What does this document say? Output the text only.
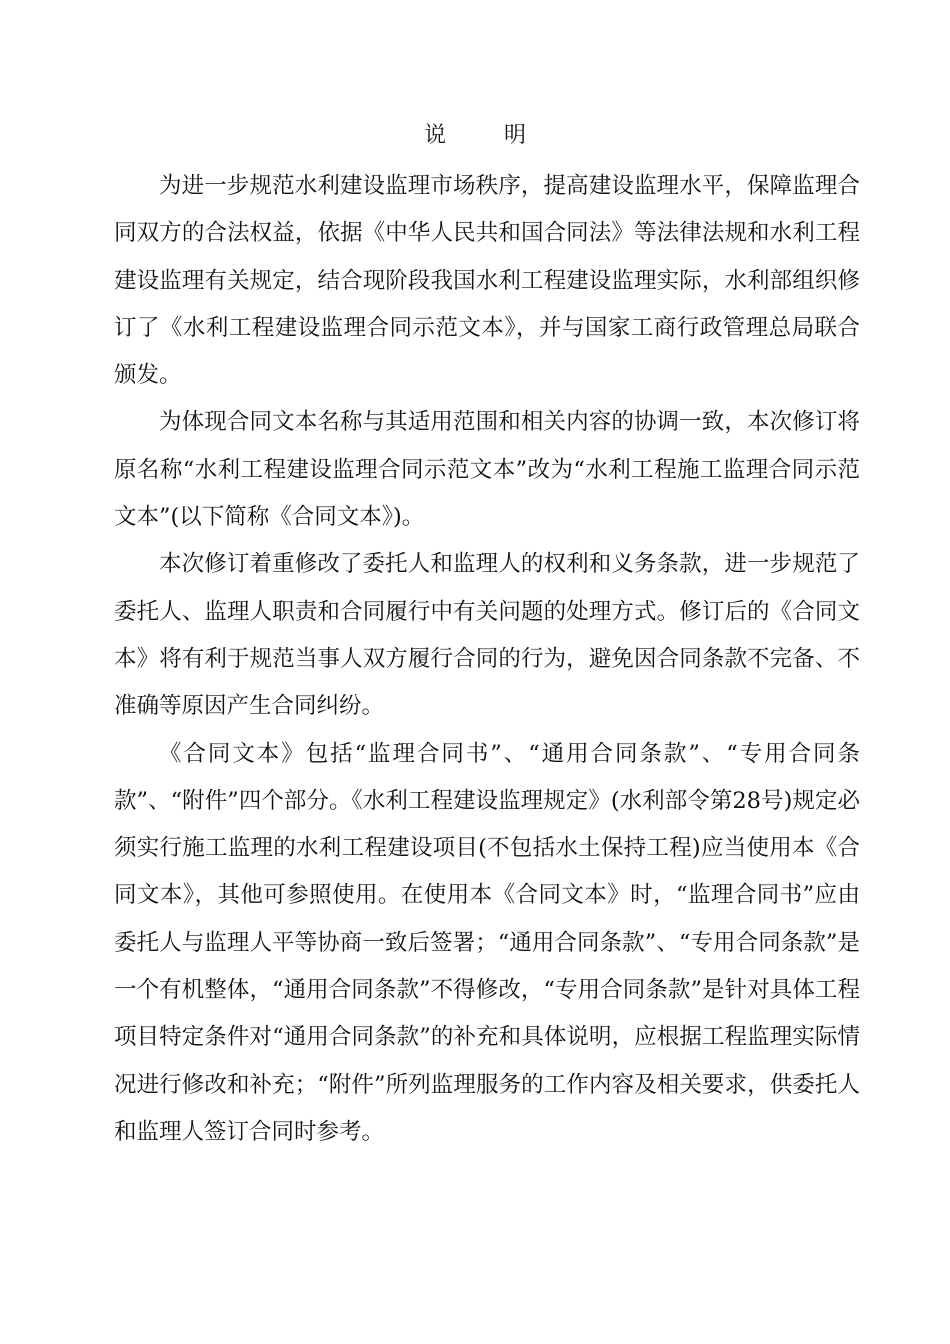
说　明

为进一步规范水利建设监理市场秩序，提高建设监理水平，保障监理合同双方的合法权益，依据《中华人民共和国合同法》等法律法规和水利工程建设监理有关规定，结合现阶段我国水利工程建设监理实际，水利部组织修订了《水利工程建设监理合同示范文本》，并与国家工商行政管理总局联合颁发。

为体现合同文本名称与其适用范围和相关内容的协调一致，本次修订将原名称“水利工程建设监理合同示范文本”改为“水利工程施工监理合同示范文本”(以下简称《合同文本》)。

本次修订着重修改了委托人和监理人的权利和义务条款，进一步规范了委托人、监理人职责和合同履行中有关问题的处理方式。修订后的《合同文本》将有利于规范当事人双方履行合同的行为，避免因合同条款不完备、不准确等原因产生合同纠纷。

《合同文本》包括“监理合同书”、“通用合同条款”、“专用合同条款”、“附件”四个部分。《水利工程建设监理规定》(水利部令第28号)规定必须实行施工监理的水利工程建设项目(不包括水土保持工程)应当使用本《合同文本》，其他可参照使用。在使用本《合同文本》时，“监理合同书”应由委托人与监理人平等协商一致后签署；“通用合同条款”、“专用合同条款”是一个有机整体，“通用合同条款”不得修改，“专用合同条款”是针对具体工程项目特定条件对“通用合同条款”的补充和具体说明，应根据工程监理实际情况进行修改和补充；“附件”所列监理服务的工作内容及相关要求，供委托人和监理人签订合同时参考。
